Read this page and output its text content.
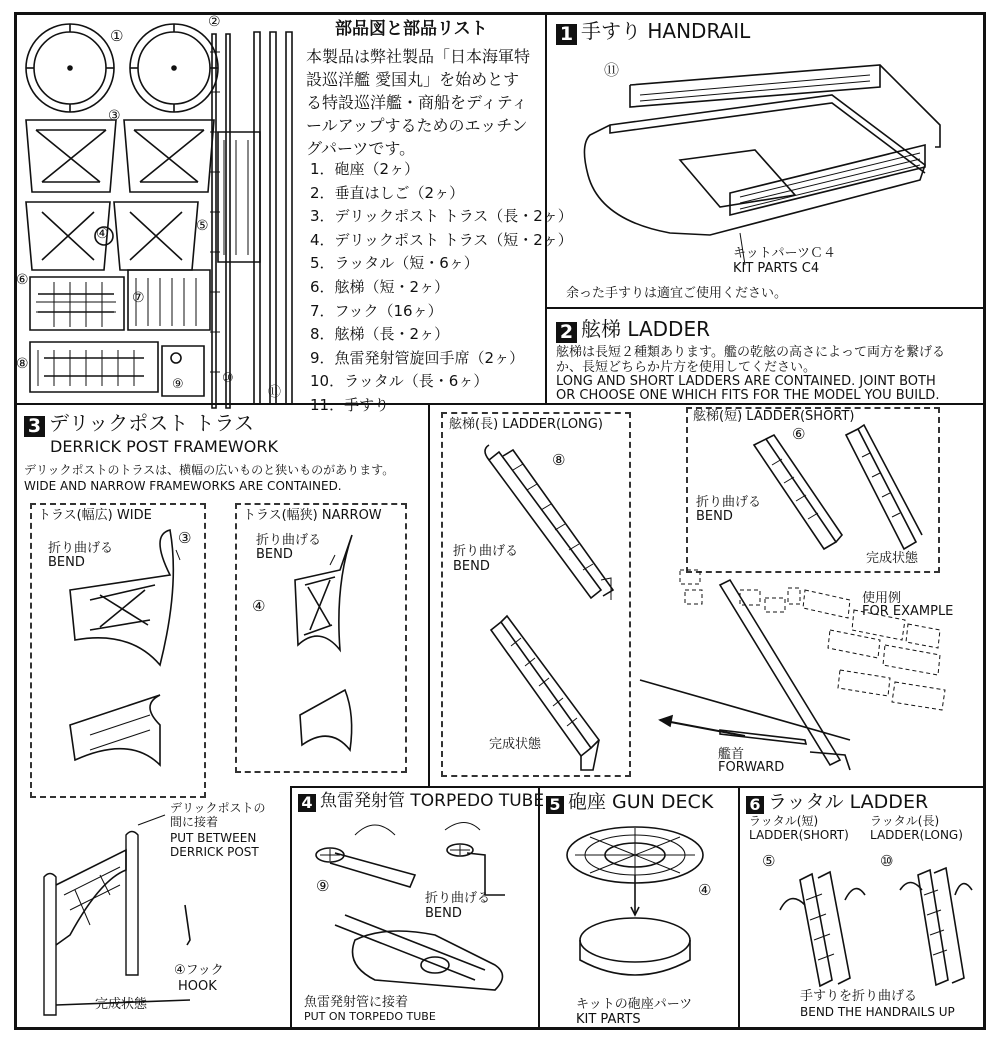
①
②
③
④	⑤
⑥
⑦
⑧
⑨	⑩
⑪
部品図と部品リスト
本製品は弊社製品「日本海軍特
設巡洋艦 愛国丸」を始めとす
る特設巡洋艦・商船をディティ
ールアップするためのエッチン
グパーツです。
1．砲座（2ヶ）
2．垂直はしご（2ヶ）
3．デリックポスト トラス（長・2ヶ）
4．デリックポスト トラス（短・2ヶ）
5．ラッタル（短・6ヶ）
6．舷梯（短・2ヶ）
7．フック（16ヶ）
8．舷梯（長・2ヶ）
9．魚雷発射管旋回手席（2ヶ）
10．ラッタル（長・6ヶ）
11．手すり
1 手すり HANDRAIL
⑪
キットパーツＣ４
KIT PARTS C4
余った手すりは適宜ご使用ください。
2 舷梯 LADDER
舷梯は長短２種類あります。艦の乾舷の高さによって両方を繋げる
か、長短どちらか片方を使用してください。
LONG AND SHORT LADDERS ARE CONTAINED. JOINT BOTH
OR CHOOSE ONE WHICH FITS FOR THE MODEL YOU BUILD.
舷梯(長) LADDER(LONG)
⑧
折り曲げる
BEND
完成状態
舷梯(短) LADDER(SHORT)
⑥
折り曲げる
BEND
完成状態
使用例
FOR EXAMPLE
艦首
FORWARD
3 デリックポスト トラス
DERRICK POST FRAMEWORK
デリックポストのトラスは、横幅の広いものと狭いものがあります。
WIDE AND NARROW FRAMEWORKS ARE CONTAINED.
トラス(幅広) WIDE
③
折り曲げる
BEND
トラス(幅狭) NARROW
④
折り曲げる
BEND
デリックポストの
間に接着
PUT BETWEEN
DERRICK POST
④フック
HOOK
完成状態
4 魚雷発射管 TORPEDO TUBE
⑨
折り曲げる
BEND
魚雷発射管に接着
PUT ON TORPEDO TUBE
5 砲座 GUN DECK
④
キットの砲座パーツ
KIT PARTS
6 ラッタル LADDER
ラッタル(短)
LADDER(SHORT)
ラッタル(長)
LADDER(LONG)
⑤	⑩
手すりを折り曲げる
BEND THE HANDRAILS UP
